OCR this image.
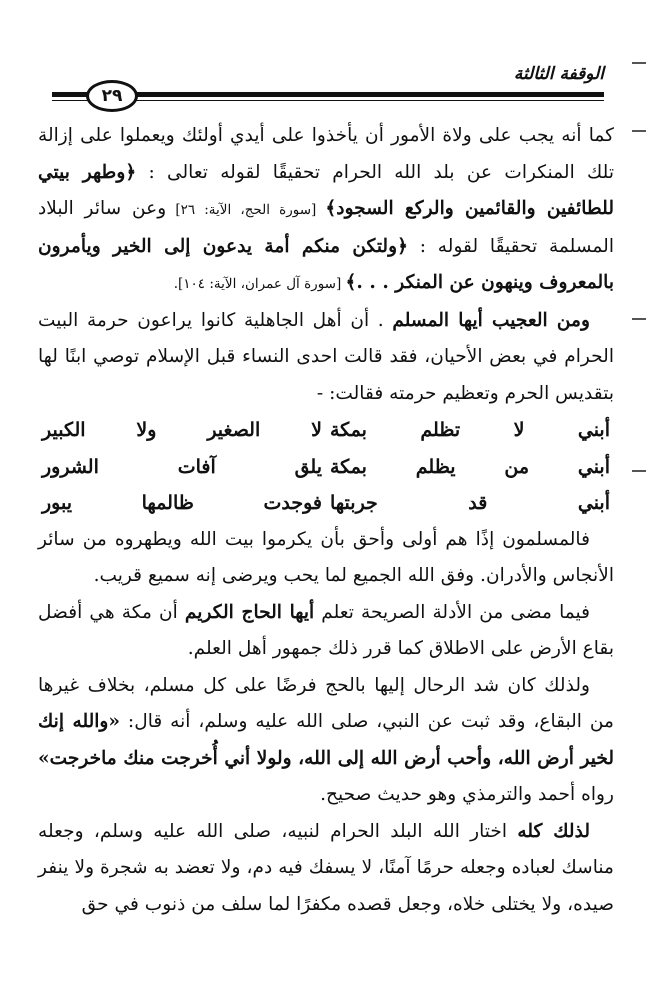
الوقفة الثالثة
٢٩

كما أنه يجب على ولاة الأمور أن يأخذوا على أيدي أولئك ويعملوا على إزالة تلك المنكرات عن بلد الله الحرام تحقيقًا لقوله تعالى : ﴿وطهر بيتي للطائفين والقائمين والركع السجود﴾ [سورة الحج، الآية: ٢٦] وعن سائر البلاد المسلمة تحقيقًا لقوله : ﴿ولتكن منكم أمة يدعون إلى الخير ويأمرون بالمعروف وينهون عن المنكر . . .﴾ [سورة آل عمران، الآية: ١٠٤].

ومن العجيب أيها المسلم . أن أهل الجاهلية كانوا يراعون حرمة البيت الحرام في بعض الأحيان، فقد قالت احدى النساء قبل الإسلام توصي ابنًا لها بتقديس الحرم وتعظيم حرمته فقالت: -

أبني لا تظلم بمكة
لا الصغير ولا الكبير
أبني من يظلم بمكة
يلق آفات الشرور
أبني قد جربتها
فوجدت ظالمها يبور

فالمسلمون إذًا هم أولى وأحق بأن يكرموا بيت الله ويطهروه من سائر الأنجاس والأدران. وفق الله الجميع لما يحب ويرضى إنه سميع قريب.

فيما مضى من الأدلة الصريحة تعلم أيها الحاج الكريم أن مكة هي أفضل بقاع الأرض على الاطلاق كما قرر ذلك جمهور أهل العلم.

ولذلك كان شد الرحال إليها بالحج فرضًا على كل مسلم، بخلاف غيرها من البقاع، وقد ثبت عن النبي، صلى الله عليه وسلم، أنه قال: «والله إنك لخير أرض الله، وأحب أرض الله إلى الله، ولولا أني أُخرجت منك ماخرجت» رواه أحمد والترمذي وهو حديث صحيح.

لذلك كله اختار الله البلد الحرام لنبيه، صلى الله عليه وسلم، وجعله مناسك لعباده وجعله حرمًا آمنًا، لا يسفك فيه دم، ولا تعضد به شجرة ولا ينفر صيده، ولا يختلى خلاه، وجعل قصده مكفرًا لما سلف من ذنوب في حق
